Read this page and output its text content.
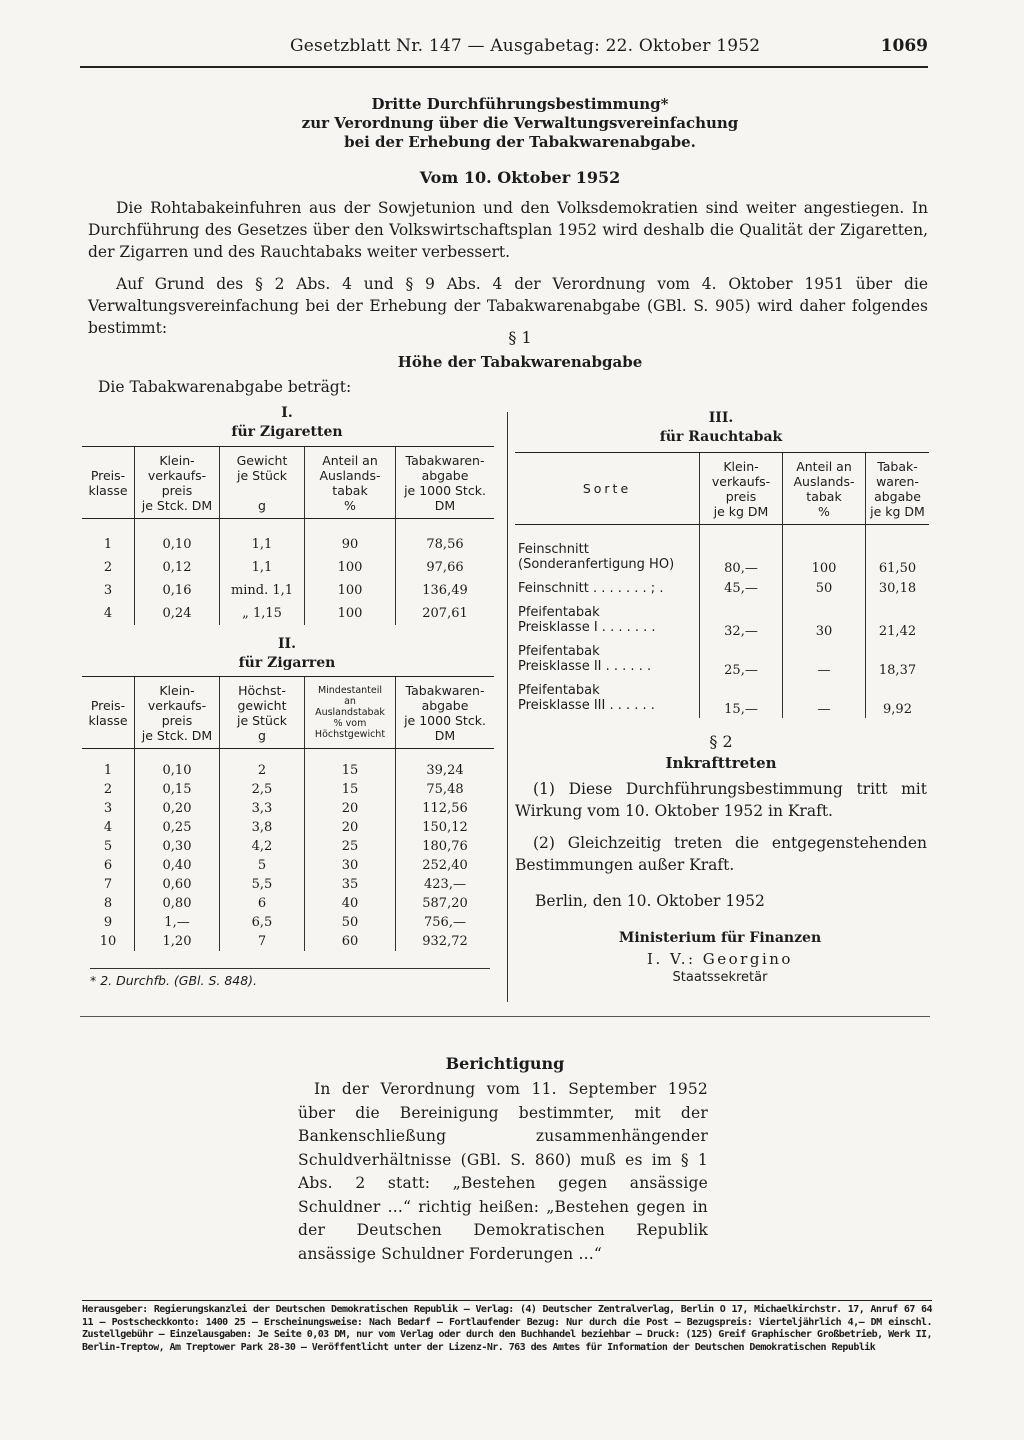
Gesetzblatt Nr. 147 — Ausgabetag: 22. Oktober 1952	1069
Dritte Durchführungsbestimmung*
zur Verordnung über die Verwaltungsvereinfachung
bei der Erhebung der Tabakwarenabgabe.
Vom 10. Oktober 1952
Die Rohtabakeinfuhren aus der Sowjetunion und den Volksdemokratien sind weiter angestiegen. In Durchführung des Gesetzes über den Volkswirtschaftsplan 1952 wird deshalb die Qualität der Zigaretten, der Zigarren und des Rauchtabaks weiter verbessert.
Auf Grund des § 2 Abs. 4 und § 9 Abs. 4 der Verordnung vom 4. Oktober 1951 über die Verwaltungsvereinfachung bei der Erhebung der Tabakwarenabgabe (GBl. S. 905) wird daher folgendes bestimmt:	§ 1
Höhe der Tabakwarenabgabe
Die Tabakwarenabgabe beträgt:
I.
für Zigaretten
Preis-
klasse	Klein-
verkaufs-
preis
je Stck. DM	Gewicht
je Stück

g	Anteil an
Auslands-
tabak
%	Tabakwaren-
abgabe
je 1000 Stck.
DM

1	0,10	1,1	90	78,56
2	0,12	1,1	100	97,66
3	0,16	mind. 1,1	100	136,49
4	0,24	„ 1,15	100	207,61
II.
für Zigarren
Preis-
klasse	Klein-
verkaufs-
preis
je Stck. DM	Höchst-
gewicht
je Stück
g	Mindestanteil
an
Auslandstabak
% vom
Höchstgewicht	Tabakwaren-
abgabe
je 1000 Stck.
DM

1	0,10	2	15	39,24
2	0,15	2,5	15	75,48
3	0,20	3,3	20	112,56
4	0,25	3,8	20	150,12
5	0,30	4,2	25	180,76
6	0,40	5	30	252,40
7	0,60	5,5	35	423,—
8	0,80	6	40	587,20
9	1,—	6,5	50	756,—
10	1,20	7	60	932,72
* 2. Durchfb. (GBl. S. 848).
III.
für Rauchtabak
Sorte	Klein-
verkaufs-
preis
je kg DM	Anteil an
Auslands-
tabak
%	Tabak-
waren-
abgabe
je kg DM

Feinschnitt
(Sonderanfertigung HO)	80,—	100	61,50
Feinschnitt . . . . . . . ; .	45,—	50	30,18
Pfeifentabak
Preisklasse I . . . . . . .	32,—	30	21,42
Pfeifentabak
Preisklasse II . . . . . .	25,—	—	18,37
Pfeifentabak
Preisklasse III . . . . . .	15,—	—	9,92
§ 2
Inkrafttreten
(1) Diese Durchführungsbestimmung tritt mit Wirkung vom 10. Oktober 1952 in Kraft.
(2) Gleichzeitig treten die entgegenstehenden Bestimmungen außer Kraft.
Berlin, den 10. Oktober 1952
Ministerium für Finanzen
I. V.: Georgino
Staatssekretär
Berichtigung
In der Verordnung vom 11. September 1952 über die Bereinigung bestimmter, mit der Bankenschließung zusammenhängender Schuldverhältnisse (GBl. S. 860) muß es im § 1 Abs. 2 statt: „Bestehen gegen ansässige Schuldner ...“ richtig heißen: „Bestehen gegen in der Deutschen Demokratischen Republik ansässige Schuldner Forderungen ...“
Herausgeber: Regierungskanzlei der Deutschen Demokratischen Republik — Verlag: (4) Deutscher Zentralverlag, Berlin O 17, Michaelkirchstr. 17, Anruf 67 64 11 — Postscheckkonto: 1400 25 — Erscheinungsweise: Nach Bedarf — Fortlaufender Bezug: Nur durch die Post — Bezugspreis: Vierteljährlich 4,— DM einschl. Zustellgebühr — Einzelausgaben: Je Seite 0,03 DM, nur vom Verlag oder durch den Buchhandel beziehbar — Druck: (125) Greif Graphischer Großbetrieb, Werk II, Berlin-Treptow, Am Treptower Park 28-30 — Veröffentlicht unter der Lizenz-Nr. 763 des Amtes für Information der Deutschen Demokratischen Republik
